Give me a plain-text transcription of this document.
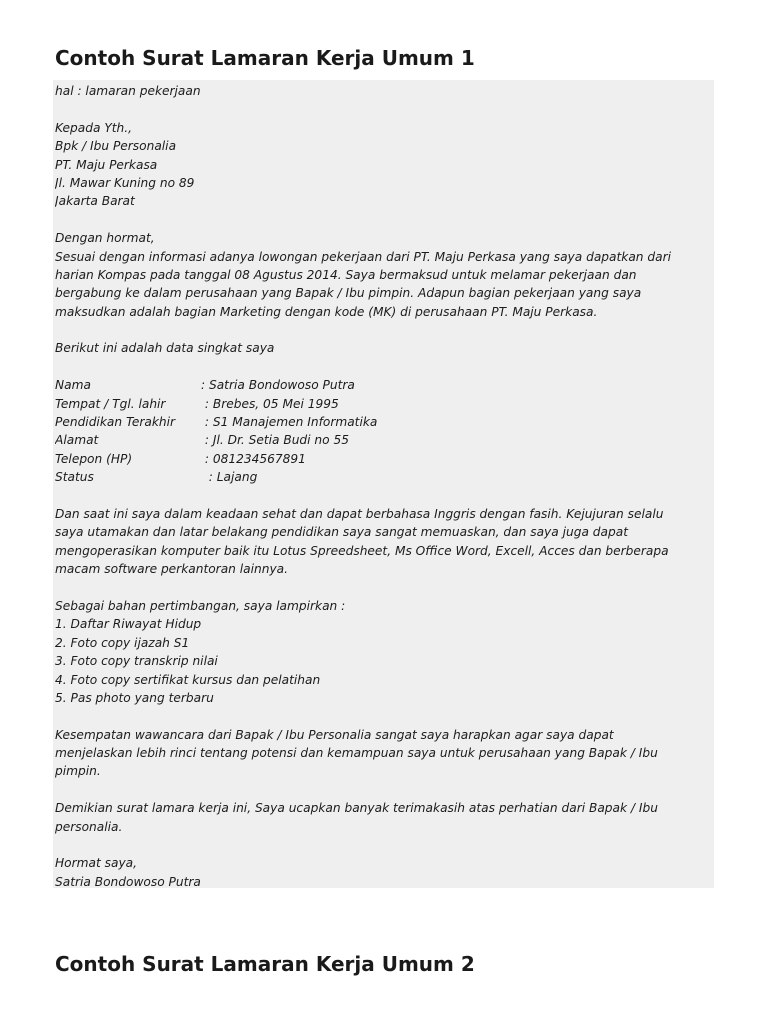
Contoh Surat Lamaran Kerja Umum 1
hal : lamaran pekerjaan
Kepada Yth.,
Bpk / Ibu Personalia
PT. Maju Perkasa
Jl. Mawar Kuning no 89
Jakarta Barat
Dengan hormat,
Sesuai dengan informasi adanya lowongan pekerjaan dari PT. Maju Perkasa yang saya dapatkan dari
harian Kompas pada tanggal 08 Agustus 2014. Saya bermaksud untuk melamar pekerjaan dan
bergabung ke dalam perusahaan yang Bapak / Ibu pimpin. Adapun bagian pekerjaan yang saya
maksudkan adalah bagian Marketing dengan kode (MK) di perusahaan PT. Maju Perkasa.
Berikut ini adalah data singkat saya
Nama	: Satria Bondowoso Putra
Tempat / Tgl. lahir	: Brebes, 05 Mei 1995
Pendidikan Terakhir	: S1 Manajemen Informatika
Alamat	: Jl. Dr. Setia Budi no 55
Telepon (HP)	: 081234567891
Status	: Lajang
Dan saat ini saya dalam keadaan sehat dan dapat berbahasa Inggris dengan fasih. Kejujuran selalu
saya utamakan dan latar belakang pendidikan saya sangat memuaskan, dan saya juga dapat
mengoperasikan komputer baik itu Lotus Spreedsheet, Ms Office Word, Excell, Acces dan berberapa
macam software perkantoran lainnya.
Sebagai bahan pertimbangan, saya lampirkan :
1. Daftar Riwayat Hidup
2. Foto copy ijazah S1
3. Foto copy transkrip nilai
4. Foto copy sertifikat kursus dan pelatihan
5. Pas photo yang terbaru
Kesempatan wawancara dari Bapak / Ibu Personalia sangat saya harapkan agar saya dapat
menjelaskan lebih rinci tentang potensi dan kemampuan saya untuk perusahaan yang Bapak / Ibu
pimpin.
Demikian surat lamara kerja ini, Saya ucapkan banyak terimakasih atas perhatian dari Bapak / Ibu
personalia.
Hormat saya,
Satria Bondowoso Putra
Contoh Surat Lamaran Kerja Umum 2
